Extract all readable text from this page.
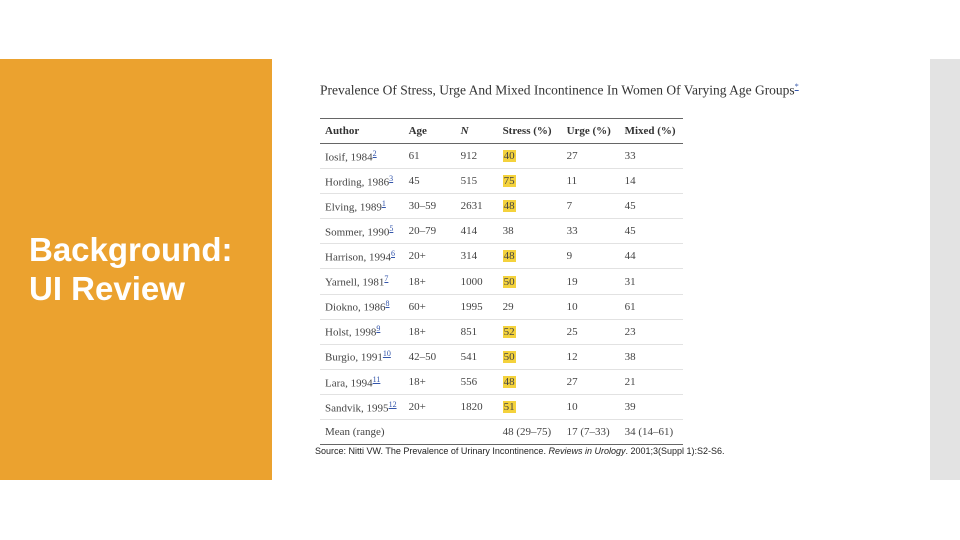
Background:
UI Review
Prevalence Of Stress, Urge And Mixed Incontinence In Women Of Varying Age Groups*
Author	Age	N	Stress (%)	Urge (%)	Mixed (%)
Iosif, 1984$^2$	61	912	40	27	33
Hording, 1986$^3$	45	515	75	11	14
Elving, 1989$^1$	30–59	2631	48	7	45
Sommer, 1990$^5$	20–79	414	38	33	45
Harrison, 1994$^6$	20+	314	48	9	44
Yarnell, 1981$^7$	18+	1000	50	19	31
Diokno, 1986$^8$	60+	1995	29	10	61
Holst, 1998$^9$	18+	851	52	25	23
Burgio, 1991$^{10}$	42–50	541	50	12	38
Lara, 1994$^{11}$	18+	556	48	27	21
Sandvik, 1995$^{12}$	20+	1820	51	10	39
Mean (range)			48 (29–75)	17 (7–33)	34 (14–61)
Source: Nitti VW. The Prevalence of Urinary Incontinence. Reviews in Urology. 2001;3(Suppl 1):S2-S6.
